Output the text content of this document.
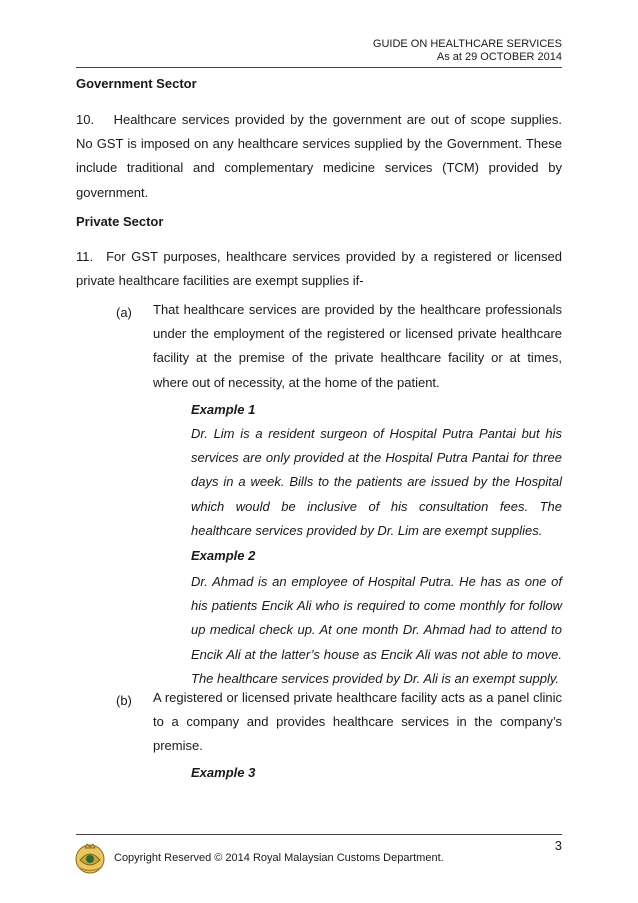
GUIDE ON HEALTHCARE SERVICES
As at 29 OCTOBER 2014
Government Sector
10.  Healthcare services provided by the government are out of scope supplies. No GST is imposed on any healthcare services supplied by the Government. These include traditional and complementary medicine services (TCM) provided by government.
Private Sector
11. For GST purposes, healthcare services provided by a registered or licensed private healthcare facilities are exempt supplies if-
(a) That healthcare services are provided by the healthcare professionals under the employment of the registered or licensed private healthcare facility at the premise of the private healthcare facility or at times, where out of necessity, at the home of the patient.
Example 1
Dr. Lim is a resident surgeon of Hospital Putra Pantai but his services are only provided at the Hospital Putra Pantai for three days in a week. Bills to the patients are issued by the Hospital which would be inclusive of his consultation fees. The healthcare services provided by Dr. Lim are exempt supplies.
Example 2
Dr. Ahmad is an employee of Hospital Putra. He has as one of his patients Encik Ali who is required to come monthly for follow up medical check up. At one month Dr. Ahmad had to attend to Encik Ali at the latter’s house as Encik Ali was not able to move. The healthcare services provided by Dr. Ali is an exempt supply.
(b) A registered or licensed private healthcare facility acts as a panel clinic to a company and provides healthcare services in the company’s premise.
Example 3
3
Copyright Reserved © 2014 Royal Malaysian Customs Department.
